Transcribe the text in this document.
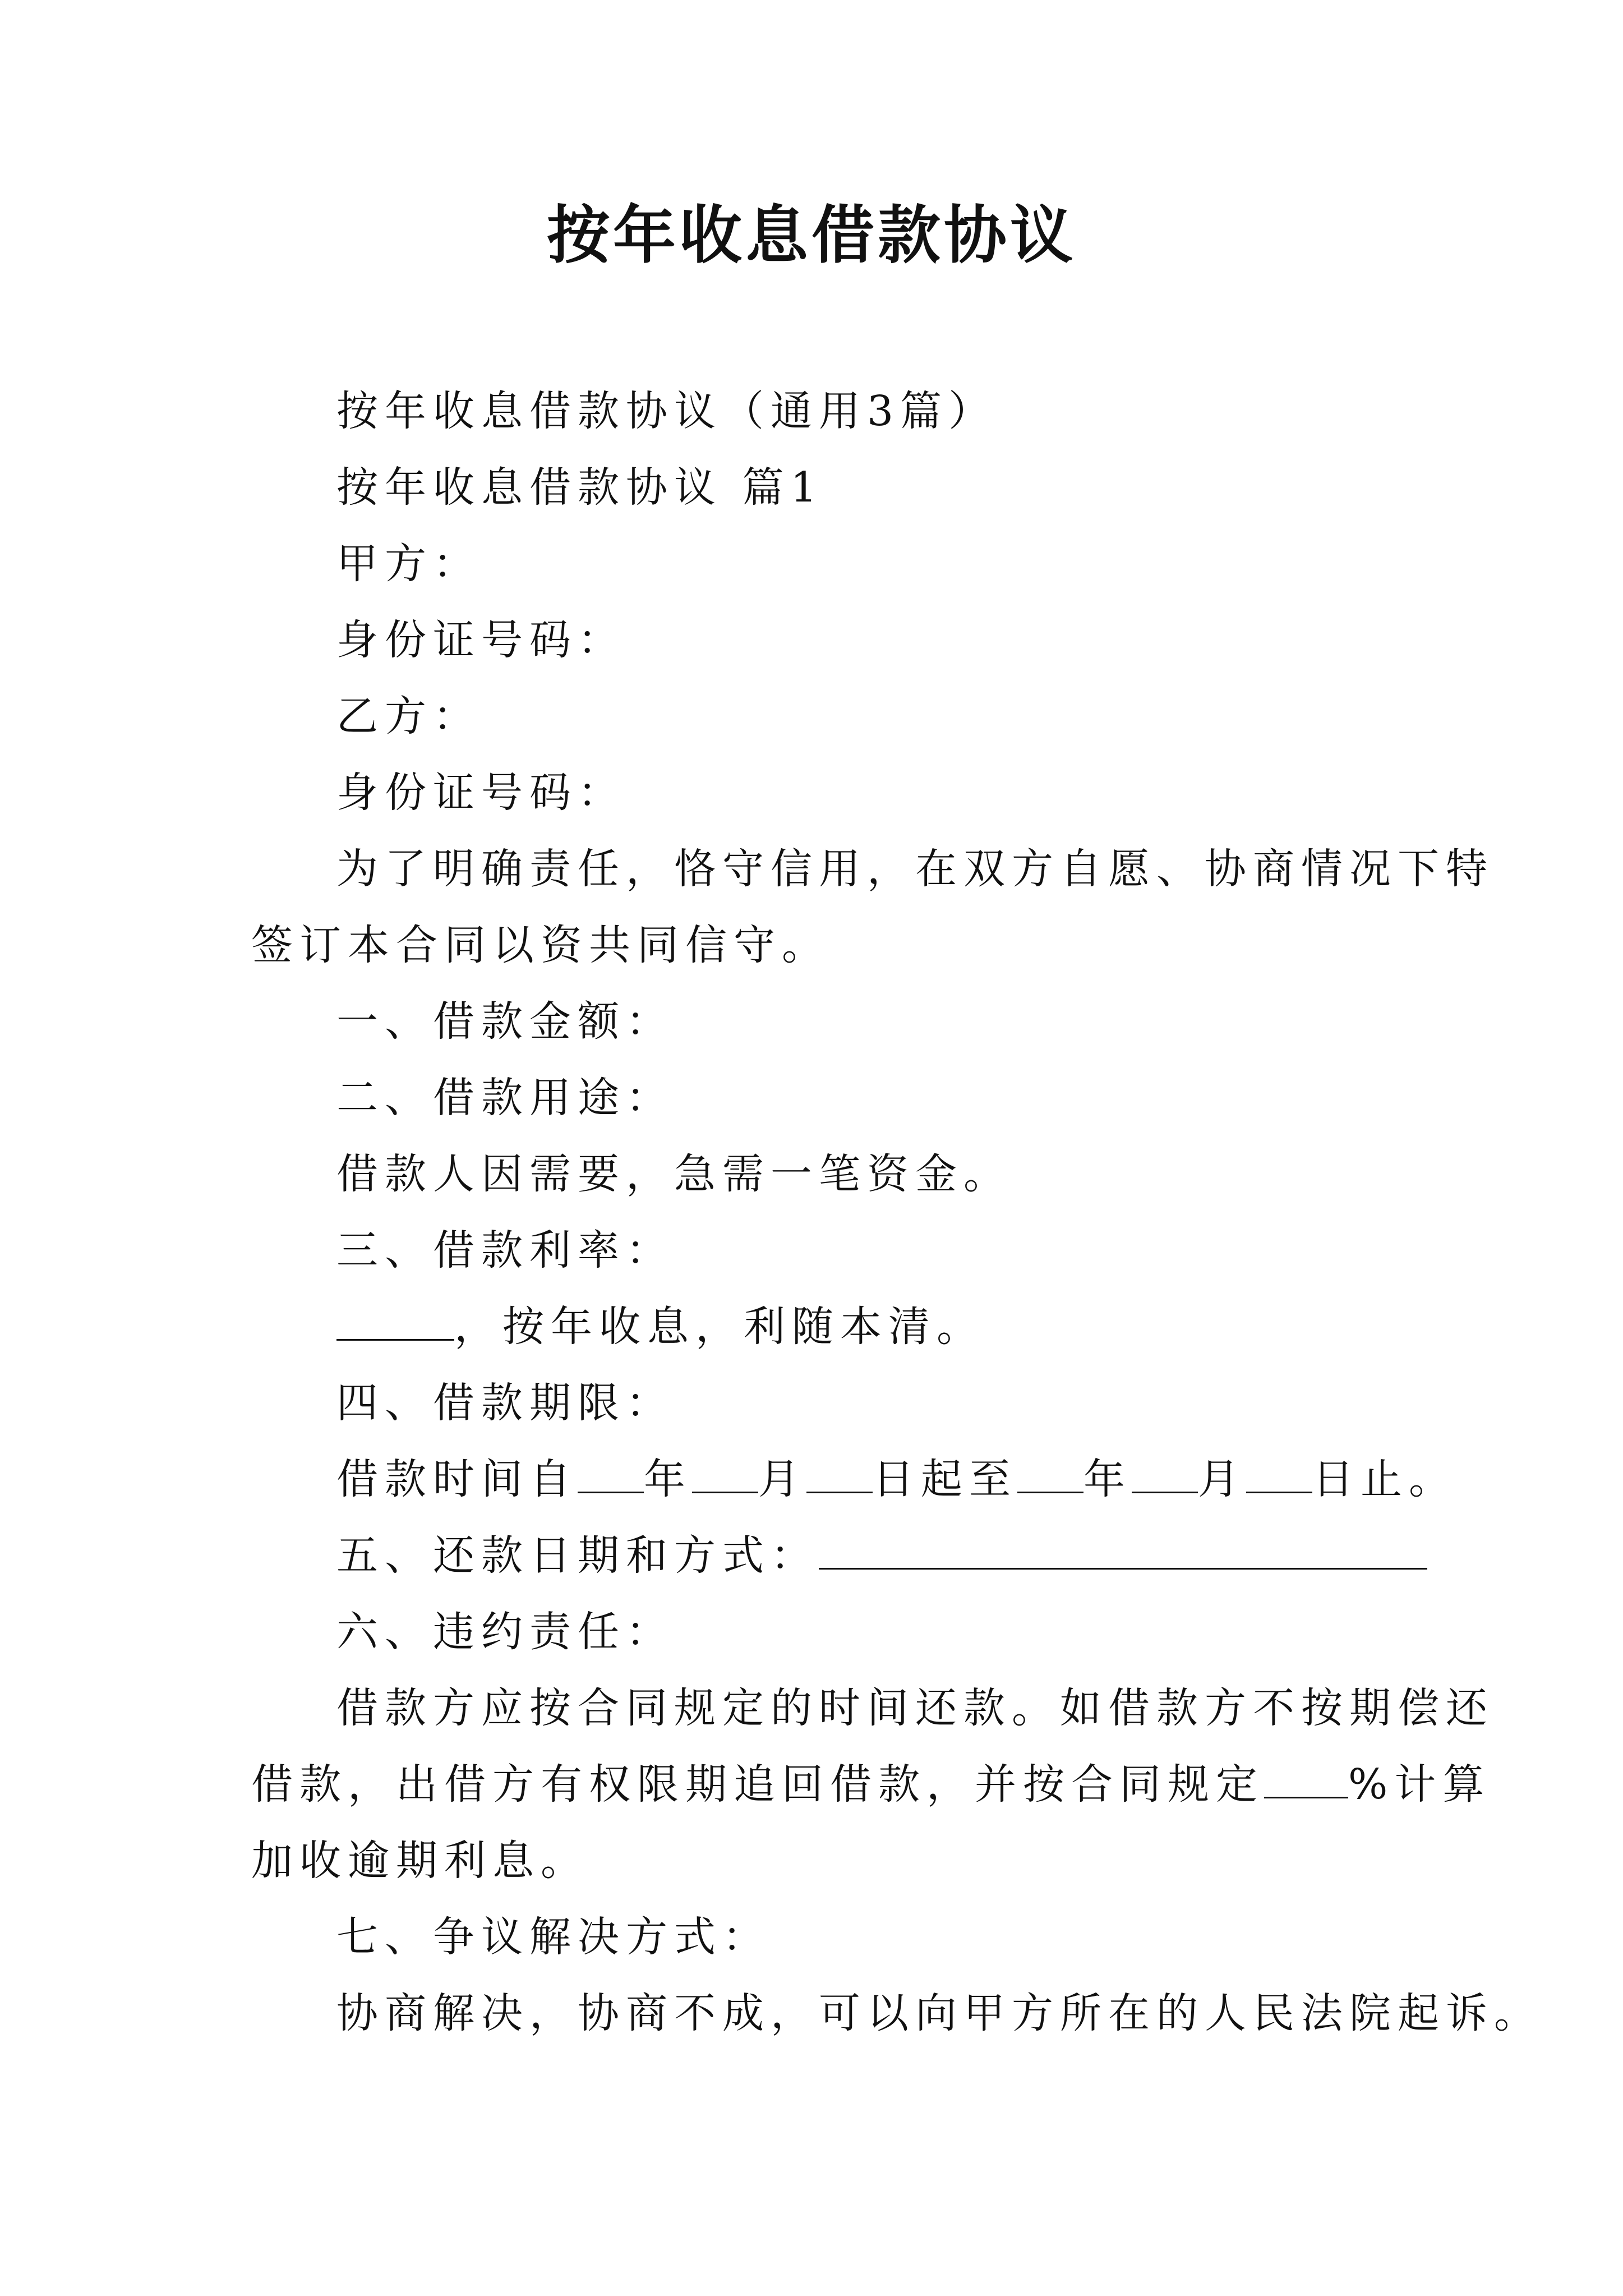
按年收息借款协议

按年收息借款协议（通用3篇）

按年收息借款协议 篇1

甲方：

身份证号码：

乙方：

身份证号码：

为了明确责任，恪守信用，在双方自愿、协商情况下特

签订本合同以资共同信守。

一、借款金额：

二、借款用途：

借款人因需要，急需一笔资金。

三、借款利率：

，按年收息，利随本清。

四、借款期限：

借款时间自 年 月 日起至 年 月 日止。

五、还款日期和方式：

六、违约责任：

借款方应按合同规定的时间还款。如借款方不按期偿还

借款，出借方有权限期追回借款，并按合同规定 %计算

加收逾期利息。

七、争议解决方式：

协商解决，协商不成，可以向甲方所在的人民法院起诉。
